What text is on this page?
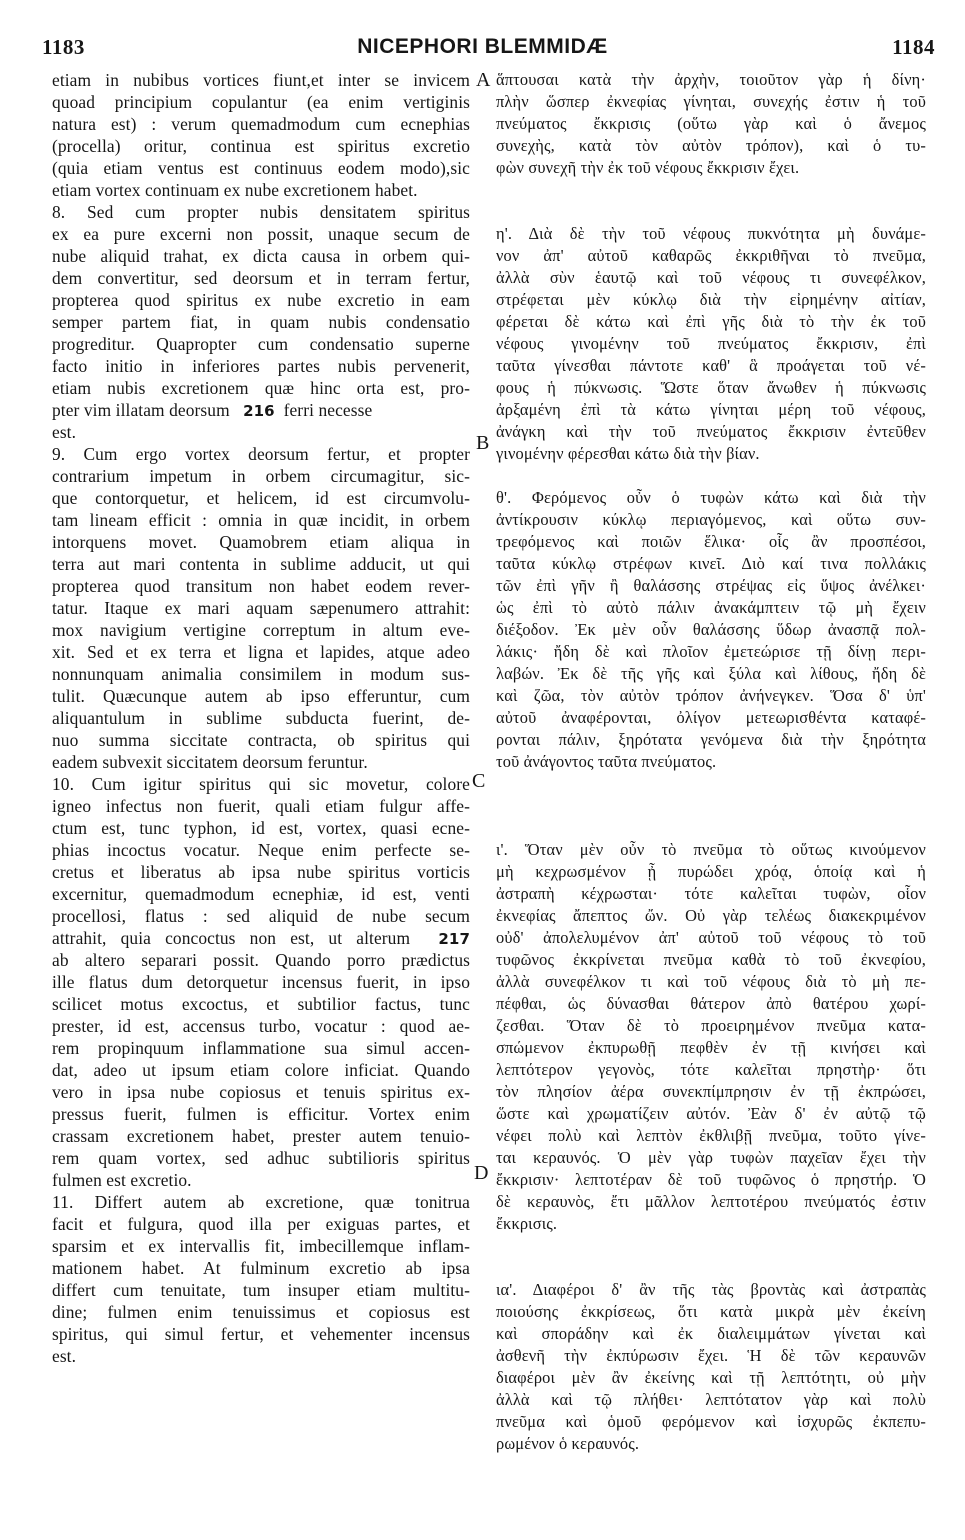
1183	NICEPHORI BLEMMIDÆ	1184
A
B
C
D
etiam in nubibus vortices fiunt,et inter se invicem
quoad principium copulantur (ea enim vertiginis
natura est) : verum quemadmodum cum ecnephias
(procella) oritur, continua est spiritus excretio
(quia etiam ventus est continuus eodem modo),sic
etiam vortex continuam ex nube excretionem habet.
8. Sed cum propter nubis densitatem spiritus
ex ea pure excerni non possit, unaque secum de
nube aliquid trahat, ex dicta causa in orbem qui-
dem convertitur, sed deorsum et in terram fertur,
propterea quod spiritus ex nube excretio in eam
semper partem fiat, in quam nubis condensatio
progreditur. Quapropter cum condensatio superne
facto initio in inferiores partes nubis pervenerit,
etiam nubis excretionem quæ hinc orta est, pro-
pter vim illatam deorsum 216 ferri necesse
est.
9. Cum ergo vortex deorsum fertur, et propter
contrarium impetum in orbem circumagitur, sic-
que contorquetur, et helicem, id est circumvolu-
tam lineam efficit : omnia in quæ incidit, in orbem
intorquens movet. Quamobrem etiam aliqua in
terra aut mari contenta in sublime adducit, ut qui
propterea quod transitum non habet eodem rever-
tatur. Itaque ex mari aquam sæpenumero attrahit:
mox navigium vertigine correptum in altum eve-
xit. Sed et ex terra et ligna et lapides, atque adeo
nonnunquam animalia consimilem in modum sus-
tulit. Quæcunque autem ab ipso efferuntur, cum
aliquantulum in sublime subducta fuerint, de-
nuo summa siccitate contracta, ob spiritus qui
eadem subvexit siccitatem deorsum feruntur.
10. Cum igitur spiritus qui sic movetur, colore
igneo infectus non fuerit, quali etiam fulgur affe-
ctum est, tunc typhon, id est, vortex, quasi ecne-
phias incoctus vocatur. Neque enim perfecte se-
cretus et liberatus ab ipsa nube spiritus vorticis
excernitur, quemadmodum ecnephiæ, id est, venti
procellosi, flatus : sed aliquid de nube secum
attrahit, quia concoctus non est, ut alterum 217
ab altero separari possit. Quando porro prædictus
ille flatus dum detorquetur incensus fuerit, in ipso
scilicet motus excoctus, et subtilior factus, tunc
prester, id est, accensus turbo, vocatur : quod ae-
rem propinquum inflammatione sua simul accen-
dat, adeo ut ipsum etiam colore inficiat. Quando
vero in ipsa nube copiosus et tenuis spiritus ex-
pressus fuerit, fulmen is efficitur. Vortex enim
crassam excretionem habet, prester autem tenuio-
rem quam vortex, sed adhuc subtilioris spiritus
fulmen est excretio.
11. Differt autem ab excretione, quæ tonitrua
facit et fulgura, quod illa per exiguas partes, et
sparsim et ex intervallis fit, imbecillemque inflam-
mationem habet. At fulminum excretio ab ipsa
differt cum tenuitate, tum insuper etiam multitu-
dine; fulmen enim tenuissimus et copiosus est
spiritus, qui simul fertur, et vehementer incensus
est.
ἅπτουσαι κατὰ τὴν ἀρχὴν, τοιοῦτον γὰρ ἡ δίνη·
πλὴν ὥσπερ ἐκνεφίας γίνηται, συνεχής ἐστιν ἡ τοῦ
πνεύματος ἔκκρισις (οὕτω γὰρ καὶ ὁ ἄνεμος
συνεχὴς, κατὰ τὸν αὐτὸν τρόπον), καὶ ὁ τυ-
φὼν συνεχῆ τὴν ἐκ τοῦ νέφους ἔκκρισιν ἔχει.
η'. Διὰ δὲ τὴν τοῦ νέφους πυκνότητα μὴ δυνάμε-
νον ἀπ' αὐτοῦ καθαρῶς ἐκκριθῆναι τὸ πνεῦμα,
ἀλλὰ σὺν ἑαυτῷ καὶ τοῦ νέφους τι συνεφέλκον,
στρέφεται μὲν κύκλῳ διὰ τὴν εἰρημένην αἰτίαν,
φέρεται δὲ κάτω καὶ ἐπὶ γῆς διὰ τὸ τὴν ἐκ τοῦ
νέφους γινομένην τοῦ πνεύματος ἔκκρισιν, ἐπὶ
ταῦτα γίνεσθαι πάντοτε καθ' ἃ προάγεται τοῦ νέ-
φους ἡ πύκνωσις. Ὥστε ὅταν ἄνωθεν ἡ πύκνωσις
ἀρξαμένη ἐπὶ τὰ κάτω γίνηται μέρη τοῦ νέφους,
ἀνάγκη καὶ τὴν τοῦ πνεύματος ἔκκρισιν ἐντεῦθεν
γινομένην φέρεσθαι κάτω διὰ τὴν βίαν.
θ'. Φερόμενος οὖν ὁ τυφὼν κάτω καὶ διὰ τὴν
ἀντίκρουσιν κύκλῳ περιαγόμενος, καὶ οὕτω συν-
τρεφόμενος καὶ ποιῶν ἕλικα· οἷς ἂν προσπέσοι,
ταῦτα κύκλῳ στρέφων κινεῖ. Διὸ καί τινα πολλάκις
τῶν ἐπὶ γῆν ἢ θαλάσσης στρέψας εἰς ὕψος ἀνέλκει·
ὡς ἐπὶ τὸ αὐτὸ πάλιν ἀνακάμπτειν τῷ μὴ ἔχειν
διέξοδον. Ἐκ μὲν οὖν θαλάσσης ὕδωρ ἀνασπᾷ πολ-
λάκις· ἤδη δὲ καὶ πλοῖον ἐμετεώρισε τῇ δίνῃ περι-
λαβών. Ἐκ δὲ τῆς γῆς καὶ ξύλα καὶ λίθους, ἤδη δὲ
καὶ ζῶα, τὸν αὐτὸν τρόπον ἀνήνεγκεν. Ὅσα δ' ὑπ'
αὐτοῦ ἀναφέρονται, ὀλίγον μετεωρισθέντα καταφέ-
ρονται πάλιν, ξηρότατα γενόμενα διὰ τὴν ξηρότητα
τοῦ ἀνάγοντος ταῦτα πνεύματος.
ι'. Ὅταν μὲν οὖν τὸ πνεῦμα τὸ οὕτως κινούμενον
μὴ κεχρωσμένον ᾖ πυρώδει χρόᾳ, ὁποίᾳ καὶ ἡ
ἀστραπὴ κέχρωσται· τότε καλεῖται τυφὼν, οἷον
ἐκνεφίας ἄπεπτος ὤν. Οὐ γὰρ τελέως διακεκριμένον
οὐδ' ἀπολελυμένον ἀπ' αὐτοῦ τοῦ νέφους τὸ τοῦ
τυφῶνος ἐκκρίνεται πνεῦμα καθὰ τὸ τοῦ ἐκνεφίου,
ἀλλὰ συνεφέλκον τι καὶ τοῦ νέφους διὰ τὸ μὴ πε-
πέφθαι, ὡς δύνασθαι θάτερον ἀπὸ θατέρου χωρί-
ζεσθαι. Ὅταν δὲ τὸ προειρημένον πνεῦμα κατα-
σπώμενον ἐκπυρωθῇ πεφθὲν ἐν τῇ κινήσει καὶ
λεπτότερον γεγονὸς, τότε καλεῖται πρηστὴρ· ὅτι
τὸν πλησίον ἀέρα συνεκπίμπρησιν ἐν τῇ ἐκπρώσει,
ὥστε καὶ χρωματίζειν αὐτόν. Ἐὰν δ' ἐν αὐτῷ τῷ
νέφει πολὺ καὶ λεπτὸν ἐκθλιβῇ πνεῦμα, τοῦτο γίνε-
ται κεραυνός. Ὁ μὲν γὰρ τυφὼν παχεῖαν ἔχει τὴν
ἔκκρισιν· λεπτοτέραν δὲ τοῦ τυφῶνος ὁ πρηστήρ. Ὁ
δὲ κεραυνὸς, ἔτι μᾶλλον λεπτοτέρου πνεύματός ἐστιν
ἔκκρισις.
ια'. Διαφέροι δ' ἂν τῆς τὰς βροντὰς καὶ ἀστραπὰς
ποιούσης ἐκκρίσεως, ὅτι κατὰ μικρὰ μὲν ἐκείνη
καὶ σποράδην καὶ ἐκ διαλειμμάτων γίνεται καὶ
ἀσθενῆ τὴν ἐκπύρωσιν ἔχει. Ἡ δὲ τῶν κεραυνῶν
διαφέροι μὲν ἂν ἐκείνης καὶ τῇ λεπτότητι, οὐ μὴν
ἀλλὰ καὶ τῷ πλήθει· λεπτότατον γὰρ καὶ πολὺ
πνεῦμα καὶ ὁμοῦ φερόμενον καὶ ἰσχυρῶς ἐκπεπυ-
ρωμένον ὁ κεραυνός.
